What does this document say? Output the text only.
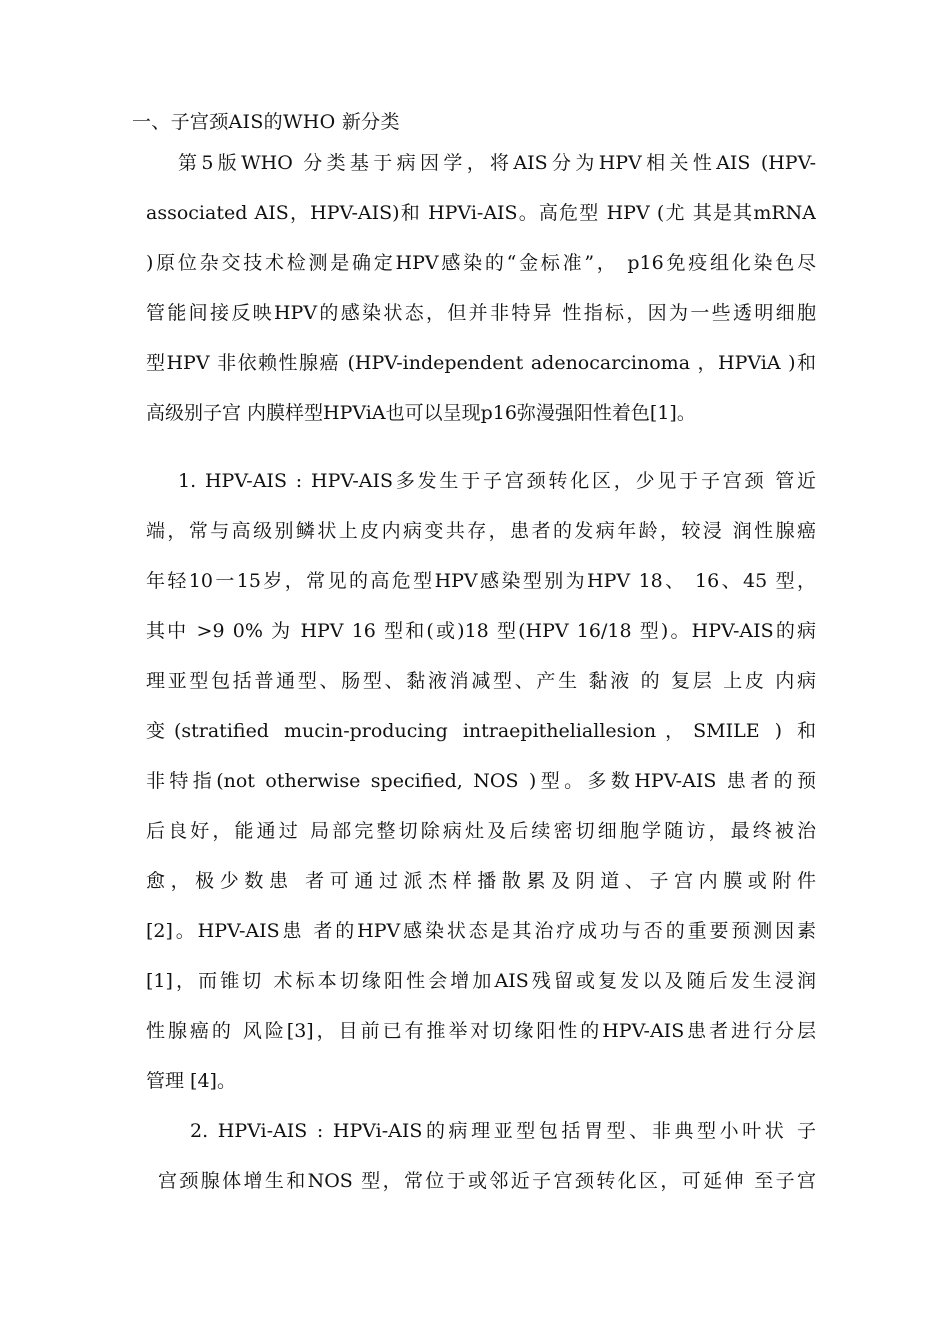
一、子宫颈AIS的WHO 新分类
第5版WHO 分类基于病因学，将AIS分为HPV相关性AIS (HPV-
associated AIS，HPV-AIS)和 HPVi-AIS。高危型 HPV (尤 其是其mRNA
)原位杂交技术检测是确定HPV感染的“金标准”， p16免疫组化染色尽
管能间接反映HPV的感染状态，但并非特异 性指标，因为一些透明细胞
型HPV 非依赖性腺癌 (HPV-independent adenocarcinoma ，HPViA )和
高级别子宫 内膜样型HPViA也可以呈现p16弥漫强阳性着色[1]。
1. HPV-AIS : HPV-AIS多发生于子宫颈转化区，少见于子宫颈 管近
端，常与高级别鳞状上皮内病变共存，患者的发病年龄，较浸 润性腺癌
年轻10一15岁，常见的高危型HPV感染型别为HPV 18、 16、45 型，
其中 >9 0% 为 HPV 16 型和(或)18 型(HPV 16/18 型)。HPV-AIS的病
理亚型包括普通型、肠型、黏液消减型、产生 黏液 的 复层 上皮 内病
变(stratified mucin-producing intraepitheliallesion，SMILE ) 和
非特指(not otherwise specified, NOS )型。多数HPV-AIS 患者的预
后良好，能通过 局部完整切除病灶及后续密切细胞学随访，最终被治
愈，极少数患 者可通过派杰样播散累及阴道、子宫内膜或附件
[2]。HPV-AIS患 者的HPV感染状态是其治疗成功与否的重要预测因素
[1]，而锥切 术标本切缘阳性会增加AIS残留或复发以及随后发生浸润
性腺癌的 风险[3]，目前已有推举对切缘阳性的HPV-AIS患者进行分层
管理 [4]。
2. HPVi-AIS : HPVi-AIS的病理亚型包括胃型、非典型小叶状 子
宫颈腺体增生和NOS 型，常位于或邻近子宫颈转化区，可延伸 至子宫
